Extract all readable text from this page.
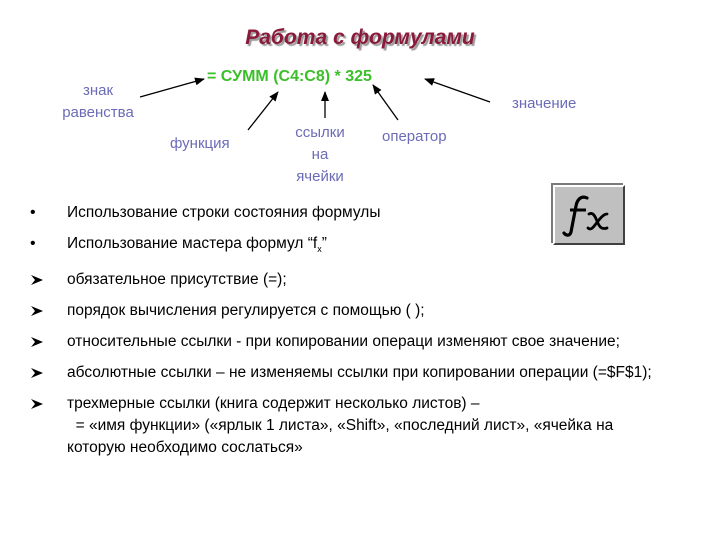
Работа с формулами
= СУММ (С4:С8) * 325
знак
равенства
функция
ссылки
на
ячейки
оператор
значение
•	Использование строки состояния формулы
•	Использование мастера формул “$f_x$”
обязательное присутствие (=);
порядок вычисления регулируется с помощью ( );
относительные ссылки - при копировании операци изменяют свое значение;
абсолютные ссылки – не изменяемы ссылки при копировании операции (=$F$1);
трехмерные ссылки (книга содержит несколько листов) –
= «имя функции» («ярлык 1 листа», «Shift», «последний лист», «ячейка на которую необходимо сослаться»
